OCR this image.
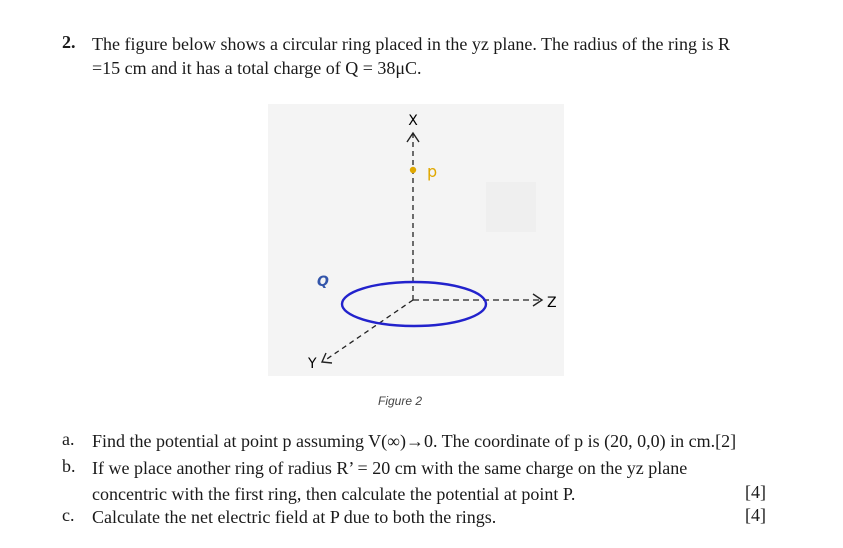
2. The figure below shows a circular ring placed in the yz plane. The radius of the ring is R
=15 cm and it has a total charge of Q = 38μC.
X
p
Z
Y
Q
Figure 2
a. Find the potential at point p assuming V(∞)→0. The coordinate of p is (20, 0,0) in cm.[2]
b. If we place another ring of radius R’ = 20 cm with the same charge on the yz plane
concentric with the first ring, then calculate the potential at point P.	[4]
c. Calculate the net electric field at P due to both the rings.	[4]
